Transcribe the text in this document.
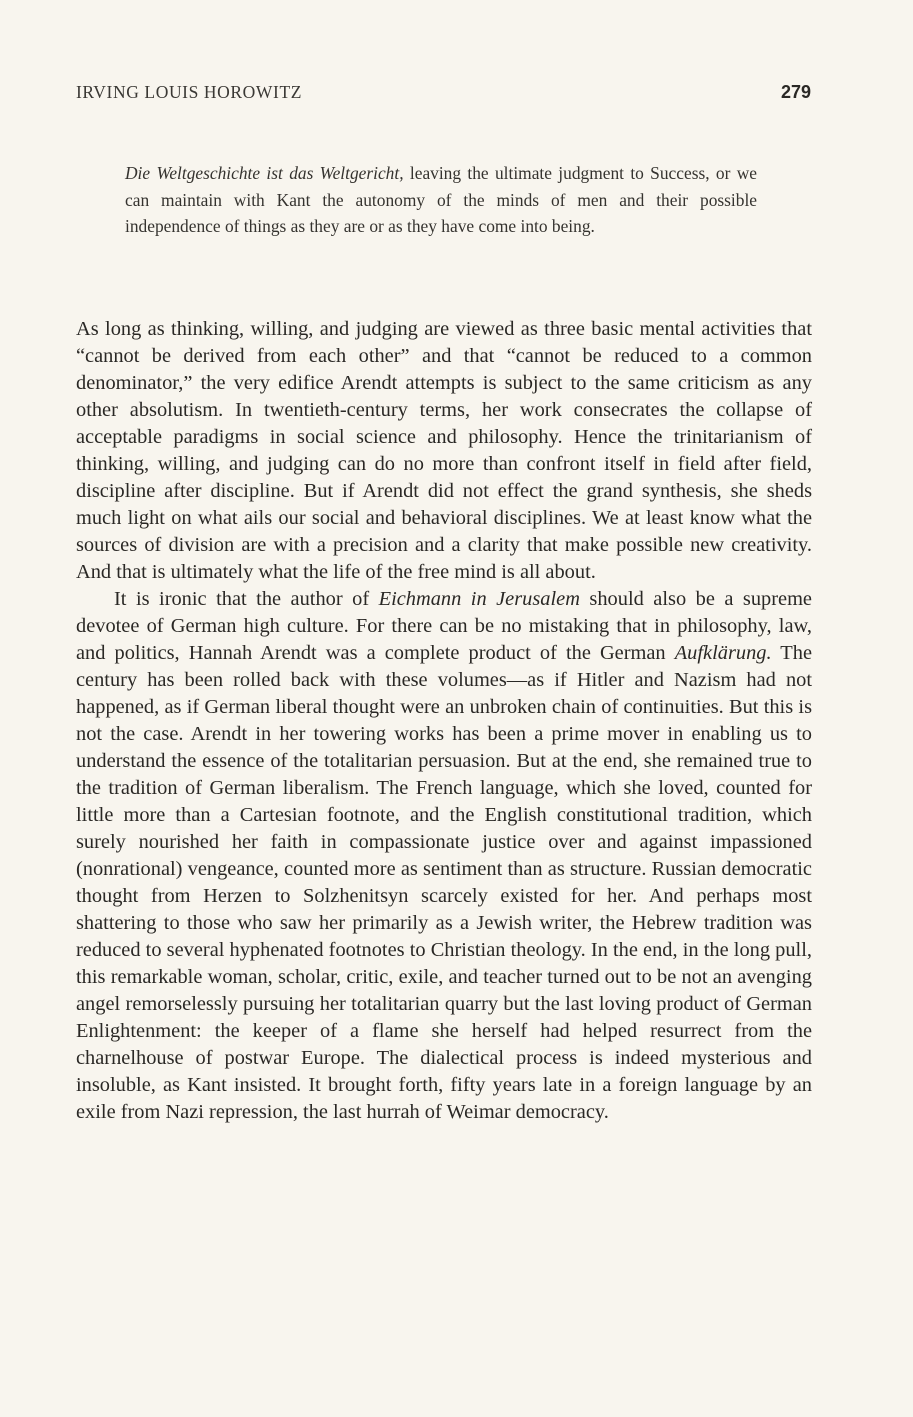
IRVING LOUIS HOROWITZ	279

Die Weltgeschichte ist das Weltgericht, leaving the ultimate judgment to Success, or we can maintain with Kant the autonomy of the minds of men and their possible independence of things as they are or as they have come into being.

As long as thinking, willing, and judging are viewed as three basic mental activities that “cannot be derived from each other” and that “cannot be reduced to a common denominator,” the very edifice Arendt attempts is subject to the same criticism as any other absolutism. In twentieth-century terms, her work consecrates the collapse of acceptable paradigms in social science and philosophy. Hence the trinitarianism of thinking, willing, and judging can do no more than confront itself in field after field, discipline after discipline. But if Arendt did not effect the grand synthesis, she sheds much light on what ails our social and behavioral disciplines. We at least know what the sources of division are with a precision and a clarity that make possible new creativity. And that is ultimately what the life of the free mind is all about.

It is ironic that the author of Eichmann in Jerusalem should also be a supreme devotee of German high culture. For there can be no mistaking that in philosophy, law, and politics, Hannah Arendt was a complete product of the German Aufklärung. The century has been rolled back with these volumes—as if Hitler and Nazism had not happened, as if German liberal thought were an unbroken chain of continuities. But this is not the case. Arendt in her towering works has been a prime mover in enabling us to understand the essence of the totalitarian persuasion. But at the end, she remained true to the tradition of German liberalism. The French language, which she loved, counted for little more than a Cartesian footnote, and the English constitutional tradition, which surely nourished her faith in compassionate justice over and against impassioned (nonrational) vengeance, counted more as sentiment than as structure. Russian democratic thought from Herzen to Solzhenitsyn scarcely existed for her. And perhaps most shattering to those who saw her primarily as a Jewish writer, the Hebrew tradition was reduced to several hyphenated footnotes to Christian theology. In the end, in the long pull, this remarkable woman, scholar, critic, exile, and teacher turned out to be not an avenging angel remorselessly pursuing her totalitarian quarry but the last loving product of German Enlightenment: the keeper of a flame she herself had helped resurrect from the charnelhouse of postwar Europe. The dialectical process is indeed mysterious and insoluble, as Kant insisted. It brought forth, fifty years late in a foreign language by an exile from Nazi repression, the last hurrah of Weimar democracy.
